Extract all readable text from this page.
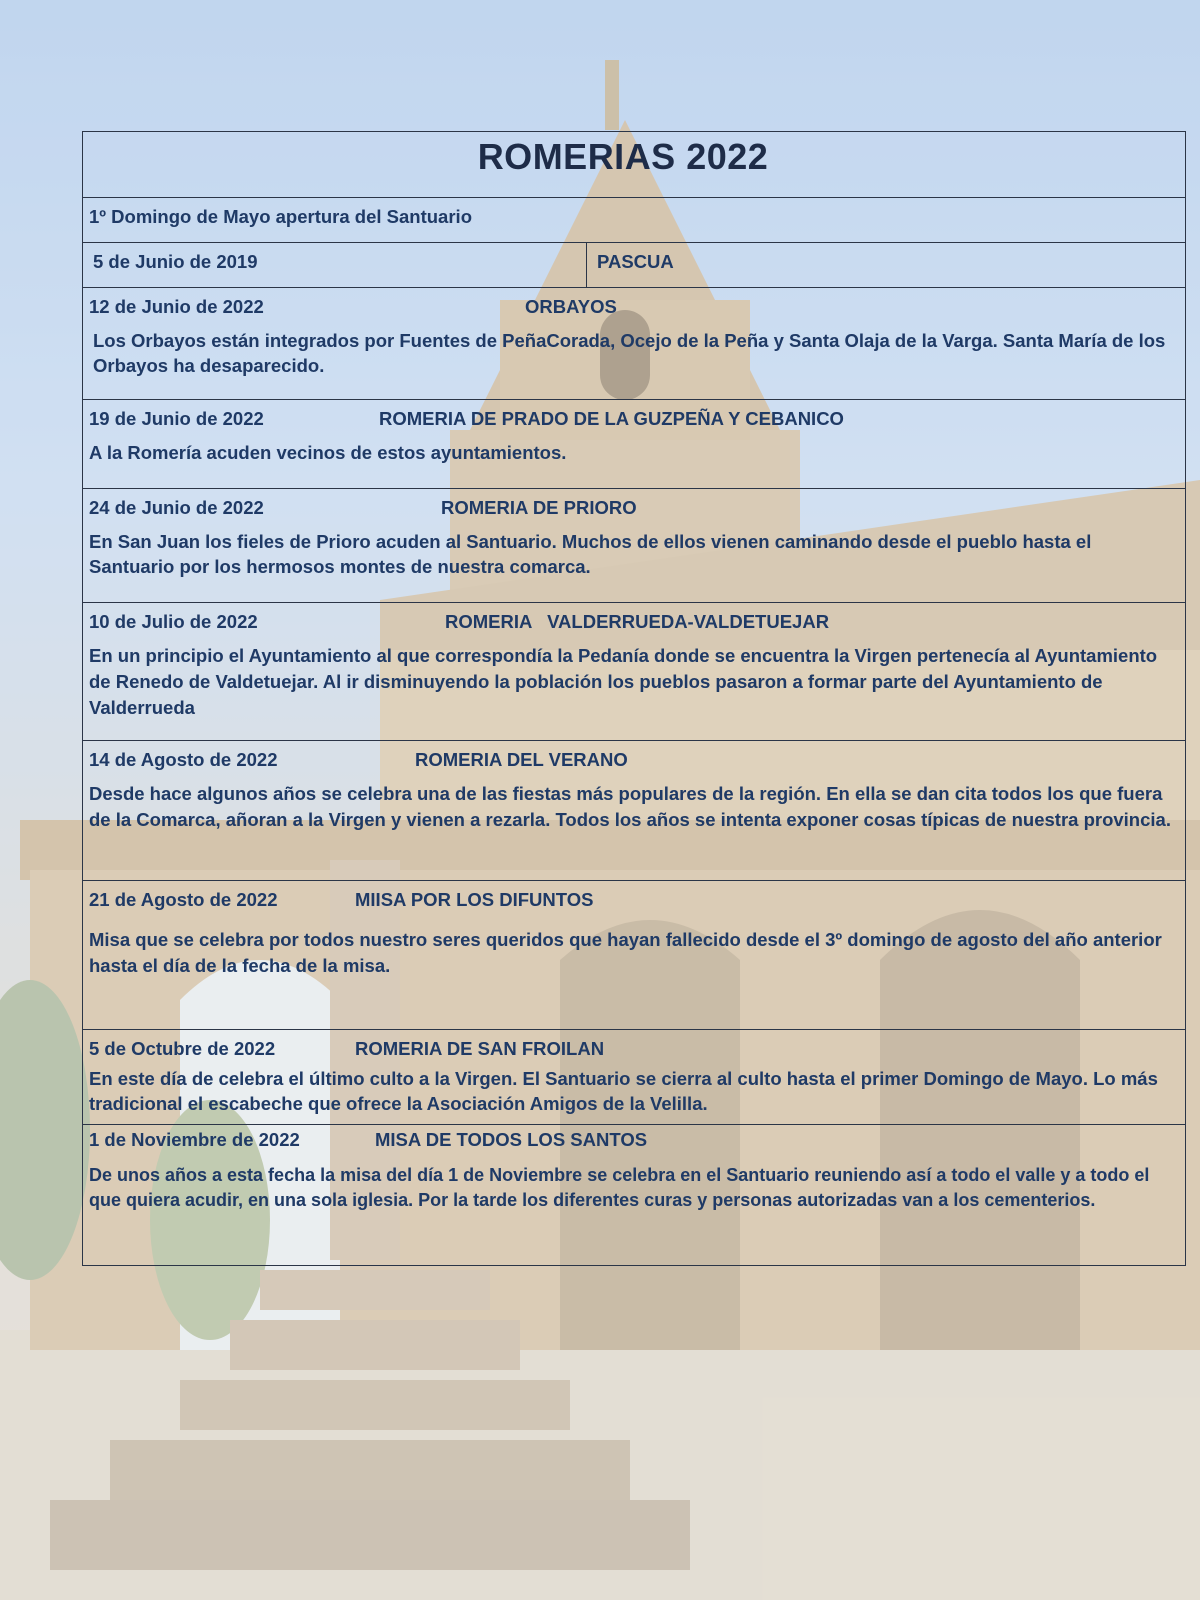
ROMERIAS 2022
1º Domingo de Mayo apertura del Santuario
5 de Junio de 2019	PASCUA
12 de Junio de 2022	ORBAYOS
Los Orbayos están integrados por Fuentes de PeñaCorada, Ocejo de la Peña y Santa Olaja de la Varga. Santa María de los Orbayos ha desaparecido.
19 de Junio de 2022	ROMERIA DE PRADO DE LA GUZPEÑA Y CEBANICO
A la Romería acuden vecinos de estos ayuntamientos.
24 de Junio de 2022	ROMERIA DE PRIORO
En San Juan los fieles de Prioro acuden al Santuario. Muchos de ellos vienen caminando desde el pueblo hasta el Santuario por los hermosos montes de nuestra comarca.
10 de Julio de 2022	ROMERIA   VALDERRUEDA-VALDETUEJAR
En un principio el Ayuntamiento al que correspondía la Pedanía donde se encuentra la Virgen pertenecía al Ayuntamiento de Renedo de Valdetuejar. Al ir disminuyendo la población los pueblos pasaron a formar parte del Ayuntamiento de Valderrueda
14 de Agosto de 2022	ROMERIA DEL VERANO
Desde hace algunos años se celebra una de las fiestas más populares de la región. En ella se dan cita todos los que fuera de la Comarca, añoran a la Virgen y vienen a rezarla. Todos los años se intenta exponer cosas típicas de nuestra provincia.
21 de Agosto de 2022	MIISA POR LOS DIFUNTOS
Misa que se celebra por todos nuestro seres queridos que hayan fallecido desde el 3º domingo de agosto del año anterior hasta el día de la fecha de la misa.
5 de Octubre de 2022	ROMERIA DE SAN FROILAN
En este día de celebra el último culto a la Virgen. El Santuario se cierra al culto hasta el primer Domingo de Mayo. Lo más tradicional el escabeche que ofrece la Asociación Amigos de la Velilla.
1 de Noviembre de 2022	MISA DE TODOS LOS SANTOS
De unos años a esta fecha la misa del día 1 de Noviembre se celebra en el Santuario reuniendo así a todo el valle y a todo el que quiera acudir, en una sola iglesia. Por la tarde los diferentes curas y personas autorizadas van a los cementerios.
